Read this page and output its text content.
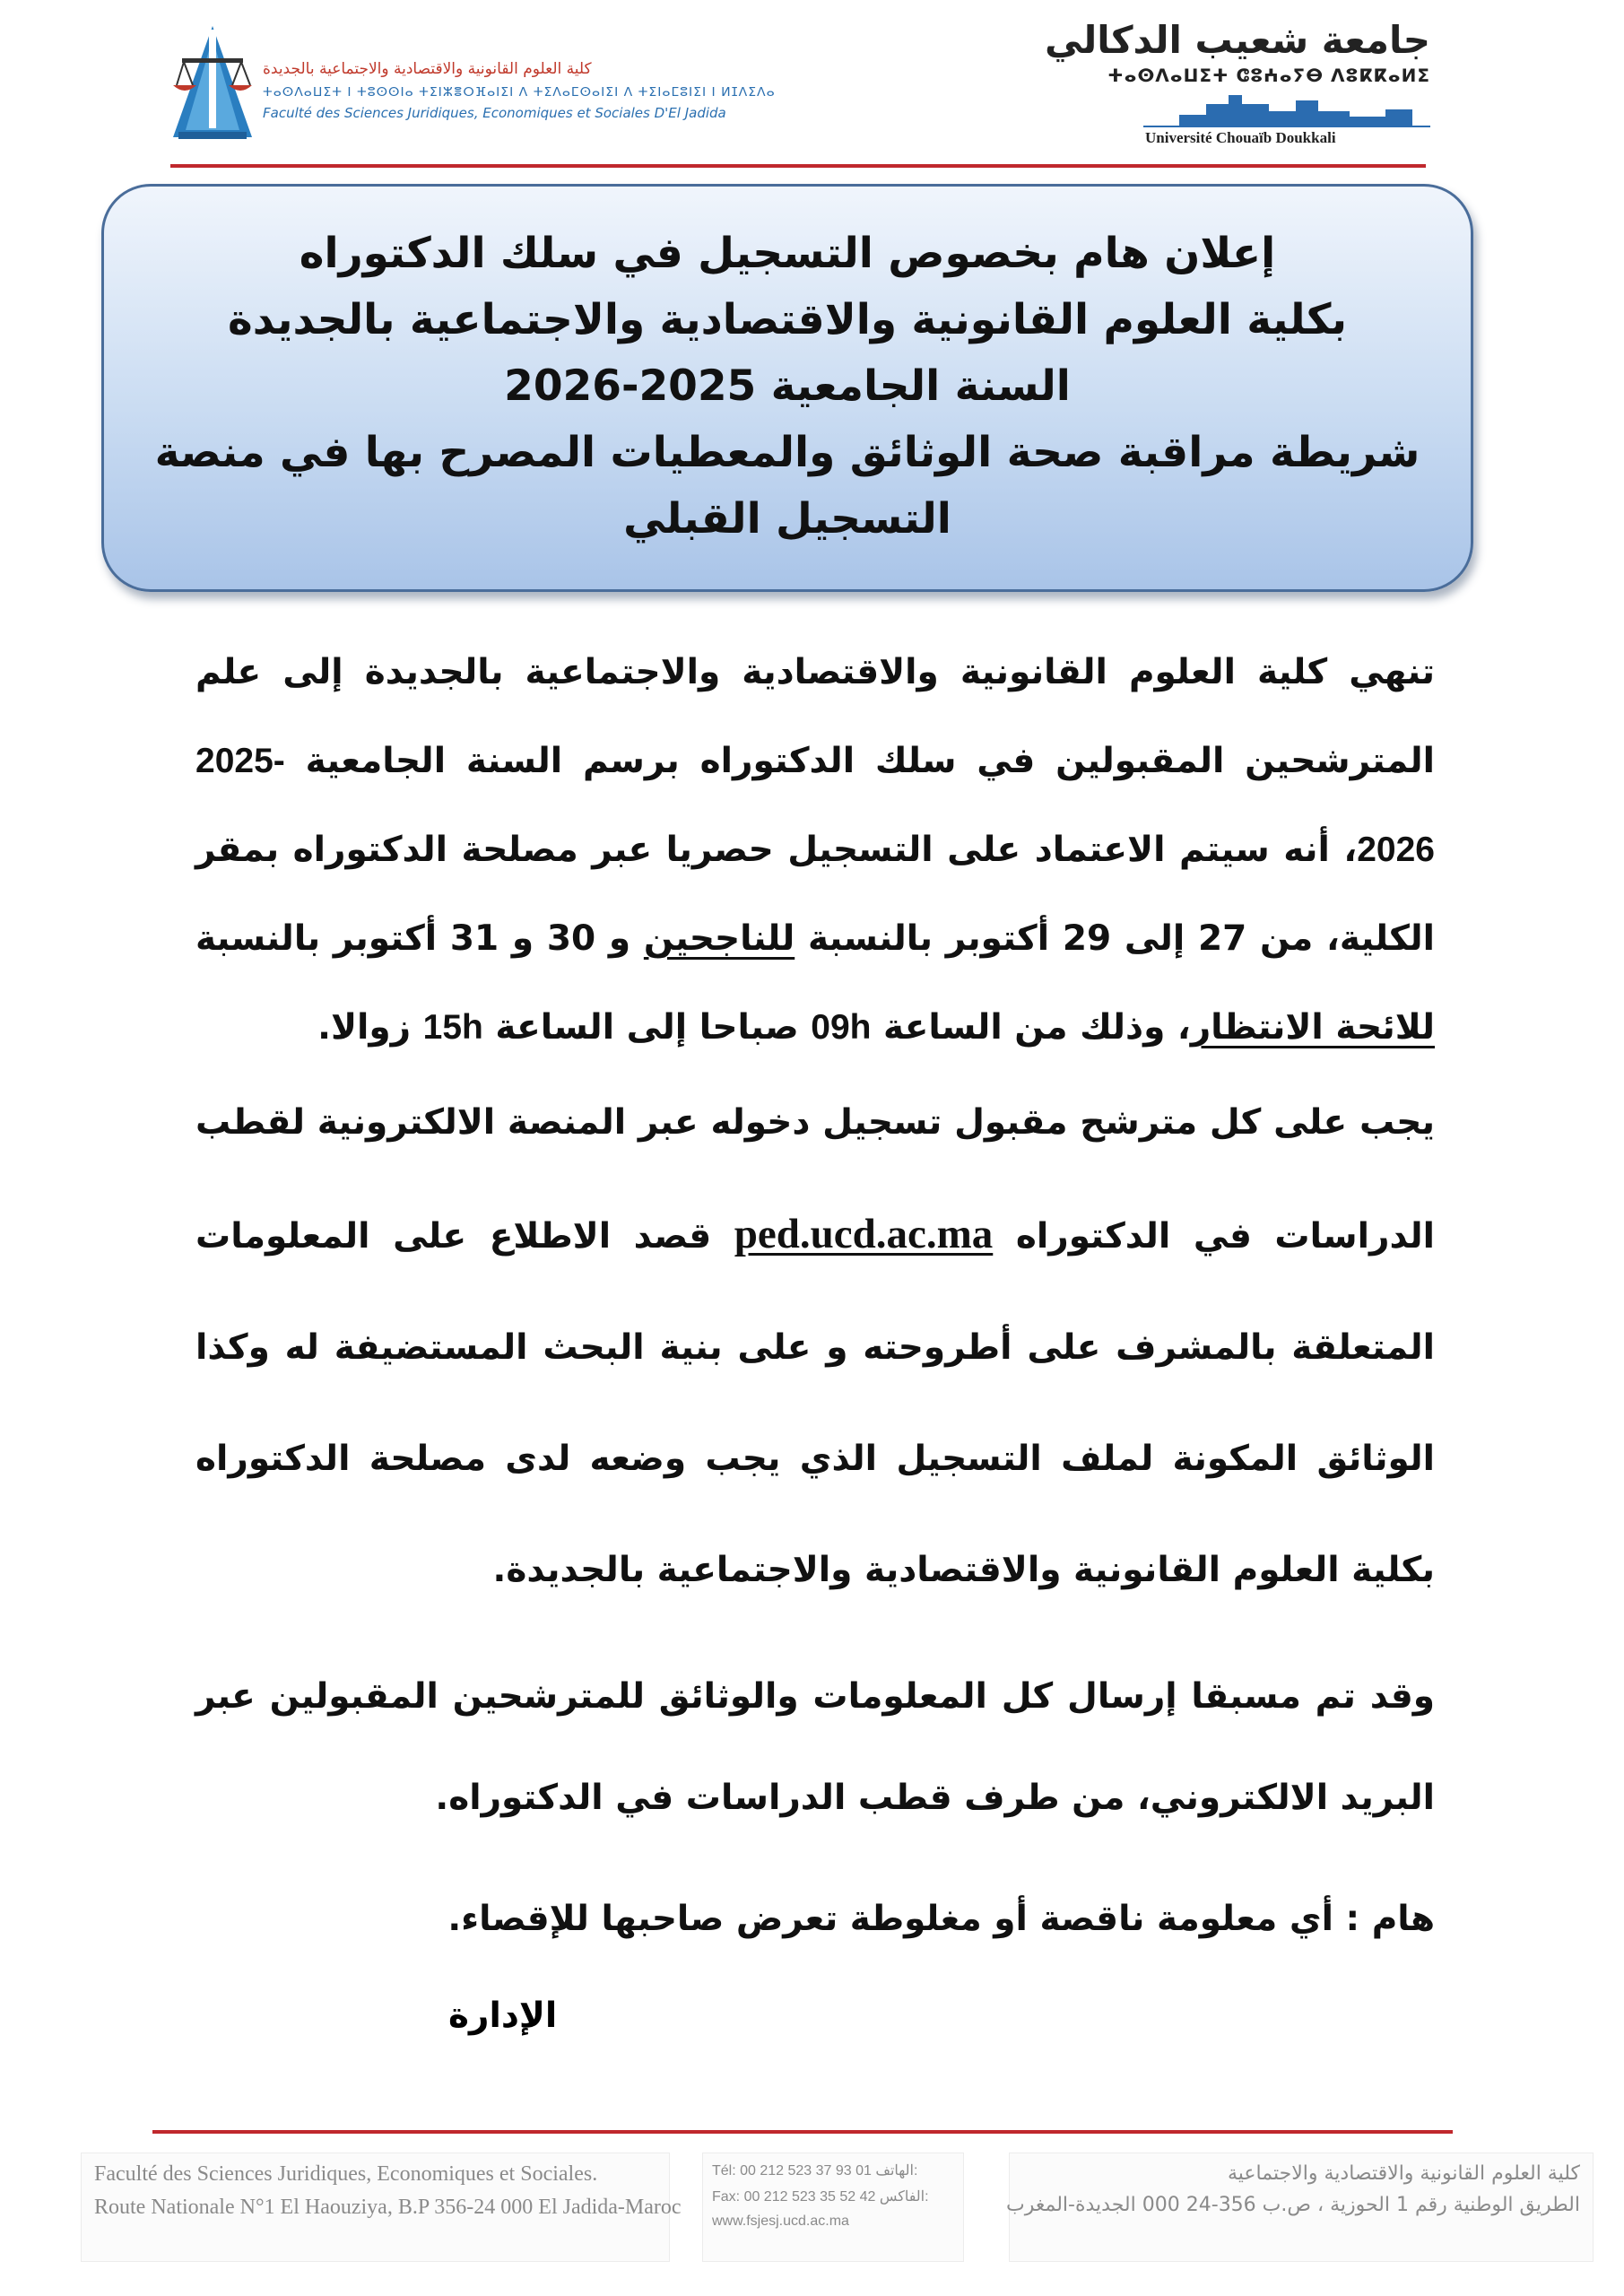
كلية العلوم القانونية والاقتصادية والاجتماعية بالجديدة
ⵜⴰⵙⴷⴰⵡⵉⵜ ⵏ ⵜⵓⵙⵙⵏⴰ ⵜⵉⵏⵣⴻⵔⴼⴰⵏⵉⵏ ⴷ ⵜⵉⴷⴰⵎⵙⴰⵏⵉⵏ ⴷ ⵜⵉⵏⴰⵎⵓⵏⵉⵏ ⵏ ⵍⵊⴷⵉⴷⴰ
Faculté des Sciences Juridiques, Economiques et Sociales D'El Jadida
جامعة شعيب الدكالي
ⵜⴰⵙⴷⴰⵡⵉⵜ ⵛⵓⵄⴰⵢⴱ ⴷⵓⴽⴽⴰⵍⵉ
Université Chouaïb Doukkali
إعلان هام بخصوص التسجيل في سلك الدكتوراه
بكلية العلوم القانونية والاقتصادية والاجتماعية بالجديدة
السنة الجامعية 2025-2026
شريطة مراقبة صحة الوثائق والمعطيات المصرح بها في منصة
التسجيل القبلي
تنهي كلية العلوم القانونية والاقتصادية والاجتماعية بالجديدة إلى علم المترشحين المقبولين في سلك الدكتوراه برسم السنة الجامعية 2025-2026، أنه سيتم الاعتماد على التسجيل حصريا عبر مصلحة الدكتوراه بمقر الكلية، من 27 إلى 29 أكتوبر بالنسبة للناجحين و 30 و 31 أكتوبر بالنسبة للائحة الانتظار، وذلك من الساعة 09h صباحا إلى الساعة 15h زوالا.
يجب على كل مترشح مقبول تسجيل دخوله عبر المنصة الالكترونية لقطب الدراسات في الدكتوراه ped.ucd.ac.ma قصد الاطلاع على المعلومات المتعلقة بالمشرف على أطروحته و على بنية البحث المستضيفة له وكذا الوثائق المكونة لملف التسجيل الذي يجب وضعه لدى مصلحة الدكتوراه بكلية العلوم القانونية والاقتصادية والاجتماعية بالجديدة.
وقد تم مسبقا إرسال كل المعلومات والوثائق للمترشحين المقبولين عبر البريد الالكتروني، من طرف قطب الدراسات في الدكتوراه.
هام : أي معلومة ناقصة أو مغلوطة تعرض صاحبها للإقصاء.
الإدارة
Faculté des Sciences Juridiques, Economiques et Sociales.
Route Nationale N°1 El Haouziya, B.P 356-24 000 El Jadida-Maroc
Tél: 00 212 523 37 93 01 الهاتف:
Fax: 00 212 523 35 52 42 الفاكس:
www.fsjesj.ucd.ac.ma
كلية العلوم القانونية والاقتصادية والاجتماعية
الطريق الوطنية رقم 1 الحوزية ، ص.ب 356-24 000 الجديدة-المغرب
